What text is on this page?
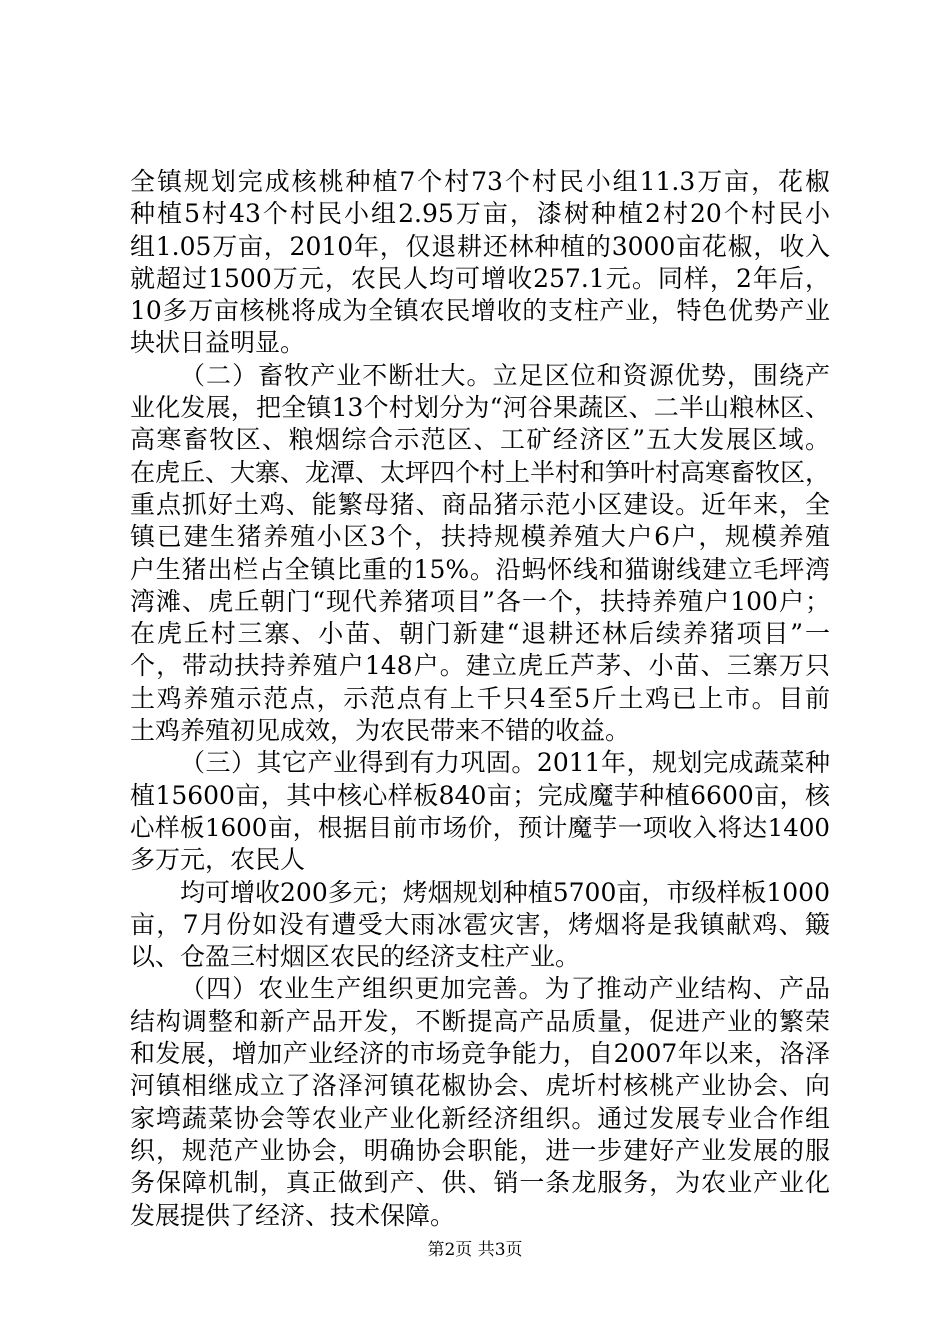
全镇规划完成核桃种植7个村73个村民小组11.3万亩，花椒
种植5村43个村民小组2.95万亩，漆树种植2村20个村民小
组1.05万亩，2010年，仅退耕还林种植的3000亩花椒，收入
就超过1500万元，农民人均可增收257.1元。同样，2年后，
10多万亩核桃将成为全镇农民增收的支柱产业，特色优势产业
块状日益明显。
（二）畜牧产业不断壮大。立足区位和资源优势，围绕产
业化发展，把全镇13个村划分为“河谷果蔬区、二半山粮林区、
高寒畜牧区、粮烟综合示范区、工矿经济区”五大发展区域。
在虎丘、大寨、龙潭、太坪四个村上半村和笋叶村高寒畜牧区，
重点抓好土鸡、能繁母猪、商品猪示范小区建设。近年来，全
镇已建生猪养殖小区3个，扶持规模养殖大户6户，规模养殖
户生猪出栏占全镇比重的15%。沿蚂怀线和猫谢线建立毛坪湾
湾滩、虎丘朝门“现代养猪项目”各一个，扶持养殖户100户；
在虎丘村三寨、小苗、朝门新建“退耕还林后续养猪项目”一
个，带动扶持养殖户148户。建立虎丘芦茅、小苗、三寨万只
土鸡养殖示范点，示范点有上千只4至5斤土鸡已上市。目前
土鸡养殖初见成效，为农民带来不错的收益。
（三）其它产业得到有力巩固。2011年，规划完成蔬菜种
植15600亩，其中核心样板840亩；完成魔芋种植6600亩，核
心样板1600亩，根据目前市场价，预计魔芋一项收入将达1400
多万元，农民人
均可增收200多元；烤烟规划种植5700亩，市级样板1000
亩，7月份如没有遭受大雨冰雹灾害，烤烟将是我镇献鸡、簸
以、仓盈三村烟区农民的经济支柱产业。
（四）农业生产组织更加完善。为了推动产业结构、产品
结构调整和新产品开发，不断提高产品质量，促进产业的繁荣
和发展，增加产业经济的市场竞争能力，自2007年以来，洛泽
河镇相继成立了洛泽河镇花椒协会、虎圻村核桃产业协会、向
家塆蔬菜协会等农业产业化新经济组织。通过发展专业合作组
织，规范产业协会，明确协会职能，进一步建好产业发展的服
务保障机制，真正做到产、供、销一条龙服务，为农业产业化
发展提供了经济、技术保障。
第2页 共3页
